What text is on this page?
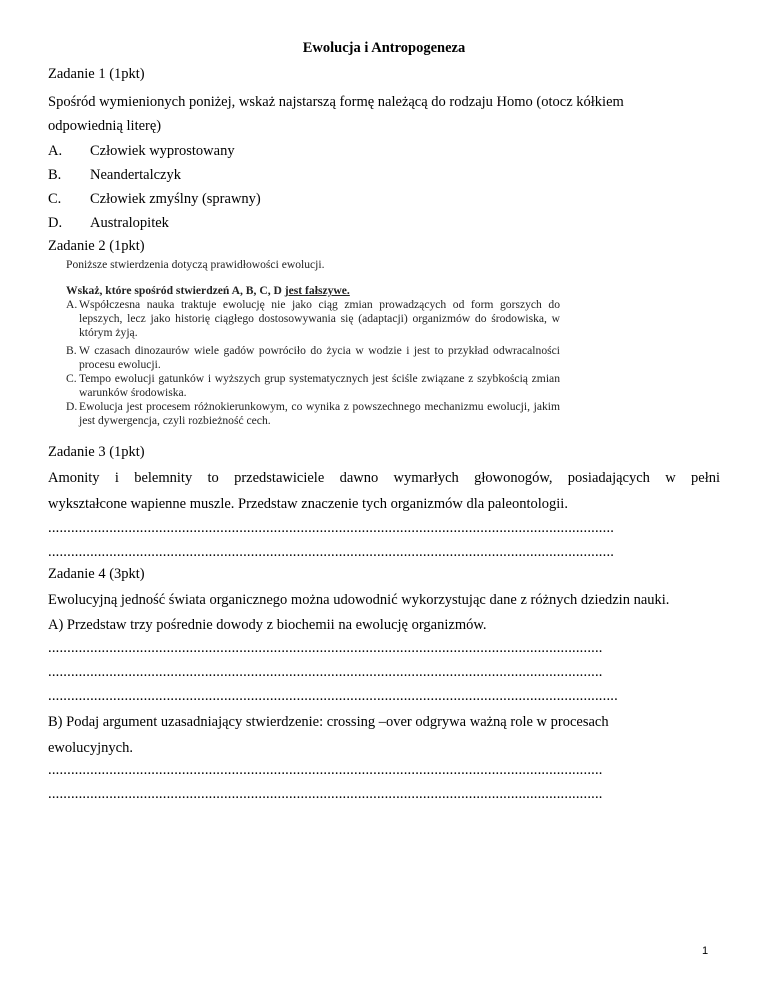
Ewolucja i Antropogeneza
Zadanie 1 (1pkt)
Spośród wymienionych poniżej, wskaż najstarszą formę należącą do rodzaju Homo (otocz kółkiem
odpowiednią literę)
A. Człowiek wyprostowany
B. Neandertalczyk
C. Człowiek zmyślny (sprawny)
D. Australopitek
Zadanie 2 (1pkt)
Poniższe stwierdzenia dotyczą prawidłowości ewolucji.
Wskaż, które spośród stwierdzeń A, B, C, D jest fałszywe.
A. Współczesna nauka traktuje ewolucję nie jako ciąg zmian prowadzących od form gorszych do lepszych, lecz jako historię ciągłego dostosowywania się (adaptacji) organizmów do środowiska, w którym żyją.
B. W czasach dinozaurów wiele gadów powróciło do życia w wodzie i jest to przykład odwracalności procesu ewolucji.
C. Tempo ewolucji gatunków i wyższych grup systematycznych jest ściśle związane z szybkością zmian warunków środowiska.
D. Ewolucja jest procesem różnokierunkowym, co wynika z powszechnego mechanizmu ewolucji, jakim jest dywergencja, czyli rozbieżność cech.
Zadanie 3 (1pkt)
Amonity i belemnity to przedstawiciele dawno wymarłych głowonogów, posiadających w pełni
wykształcone wapienne muszle. Przedstaw znaczenie tych organizmów dla paleontologii.
....................................................................................................................................................
....................................................................................................................................................
Zadanie 4 (3pkt)
Ewolucyjną jedność świata organicznego można udowodnić wykorzystując dane z różnych dziedzin nauki.
A) Przedstaw trzy pośrednie dowody z biochemii na ewolucję organizmów.
.................................................................................................................................................
.................................................................................................................................................
.....................................................................................................................................................
B) Podaj argument uzasadniający stwierdzenie: crossing –over odgrywa ważną role w procesach
ewolucyjnych.
.................................................................................................................................................
.................................................................................................................................................
1
